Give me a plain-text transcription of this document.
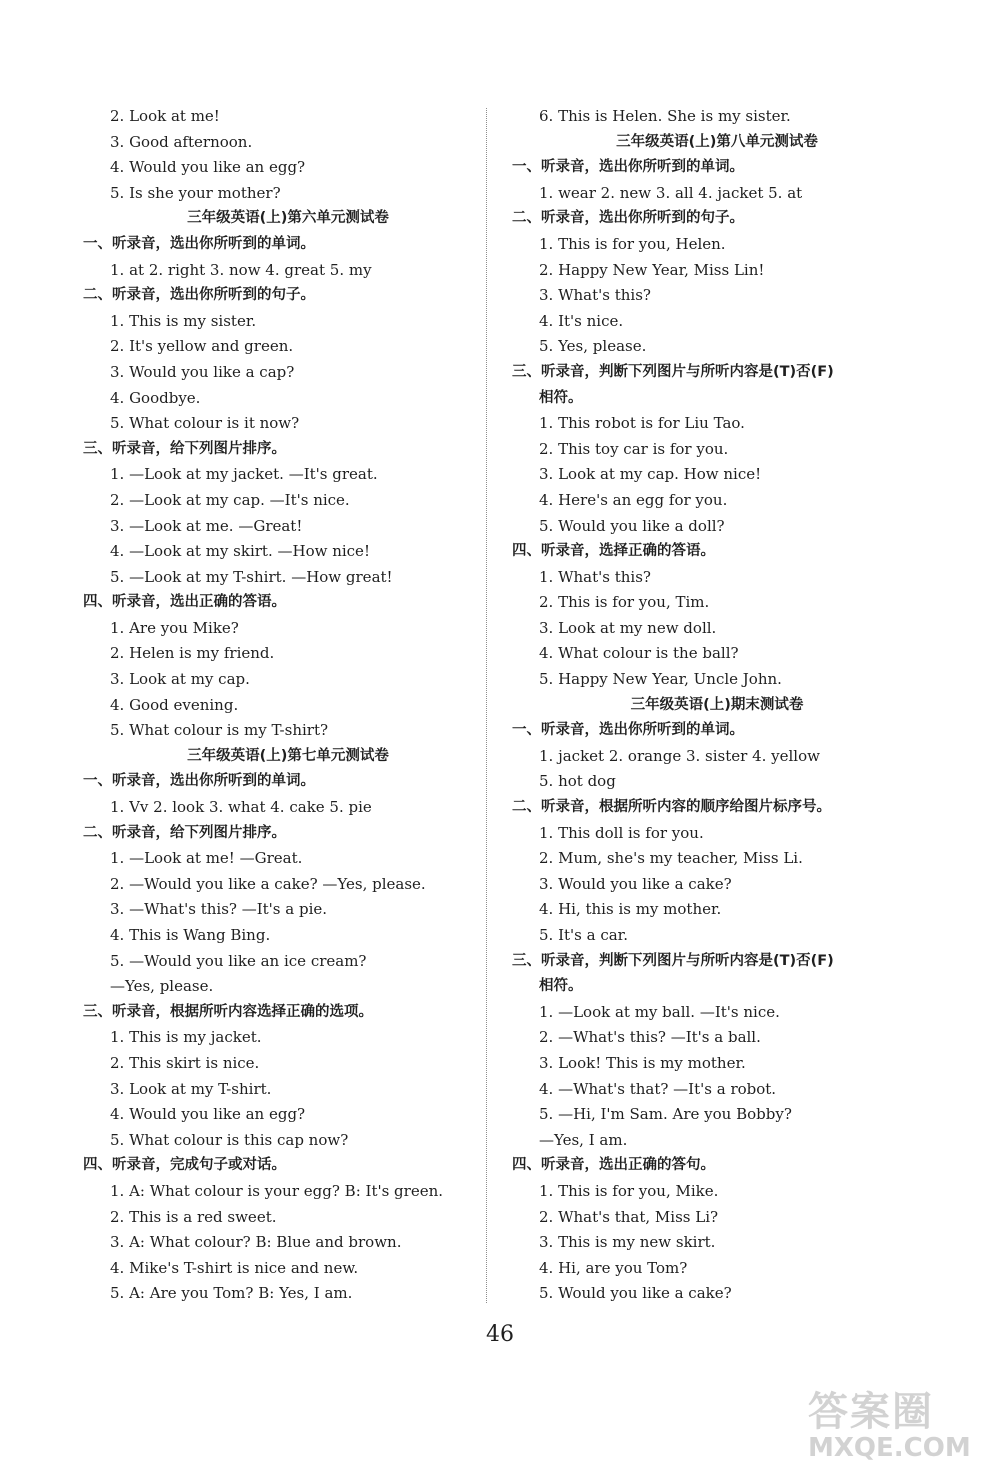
2. Look at me!
3. Good afternoon.
4. Would you like an egg?
5. Is she your mother?
三年级英语(上)第六单元测试卷
一、听录音，选出你所听到的单词。
1. at 2. right 3. now 4. great 5. my
二、听录音，选出你所听到的句子。
1. This is my sister.
2. It's yellow and green.
3. Would you like a cap?
4. Goodbye.
5. What colour is it now?
三、听录音，给下列图片排序。
1. —Look at my jacket. —It's great.
2. —Look at my cap. —It's nice.
3. —Look at me. —Great!
4. —Look at my skirt. —How nice!
5. —Look at my T-shirt. —How great!
四、听录音，选出正确的答语。
1. Are you Mike?
2. Helen is my friend.
3. Look at my cap.
4. Good evening.
5. What colour is my T-shirt?
三年级英语(上)第七单元测试卷
一、听录音，选出你所听到的单词。
1. Vv 2. look 3. what 4. cake 5. pie
二、听录音，给下列图片排序。
1. —Look at me! —Great.
2. —Would you like a cake? —Yes, please.
3. —What's this? —It's a pie.
4. This is Wang Bing.
5. —Would you like an ice cream?
—Yes, please.
三、听录音，根据所听内容选择正确的选项。
1. This is my jacket.
2. This skirt is nice.
3. Look at my T-shirt.
4. Would you like an egg?
5. What colour is this cap now?
四、听录音，完成句子或对话。
1. A: What colour is your egg? B: It's green.
2. This is a red sweet.
3. A: What colour? B: Blue and brown.
4. Mike's T-shirt is nice and new.
5. A: Are you Tom? B: Yes, I am.
6. This is Helen. She is my sister.
三年级英语(上)第八单元测试卷
一、听录音，选出你所听到的单词。
1. wear 2. new 3. all 4. jacket 5. at
二、听录音，选出你所听到的句子。
1. This is for you, Helen.
2. Happy New Year, Miss Lin!
3. What's this?
4. It's nice.
5. Yes, please.
三、听录音，判断下列图片与所听内容是(T)否(F)
相符。
1. This robot is for Liu Tao.
2. This toy car is for you.
3. Look at my cap. How nice!
4. Here's an egg for you.
5. Would you like a doll?
四、听录音，选择正确的答语。
1. What's this?
2. This is for you, Tim.
3. Look at my new doll.
4. What colour is the ball?
5. Happy New Year, Uncle John.
三年级英语(上)期末测试卷
一、听录音，选出你所听到的单词。
1. jacket 2. orange 3. sister 4. yellow
5. hot dog
二、听录音，根据所听内容的顺序给图片标序号。
1. This doll is for you.
2. Mum, she's my teacher, Miss Li.
3. Would you like a cake?
4. Hi, this is my mother.
5. It's a car.
三、听录音，判断下列图片与所听内容是(T)否(F)
相符。
1. —Look at my ball. —It's nice.
2. —What's this? —It's a ball.
3. Look! This is my mother.
4. —What's that? —It's a robot.
5. —Hi, I'm Sam. Are you Bobby?
—Yes, I am.
四、听录音，选出正确的答句。
1. This is for you, Mike.
2. What's that, Miss Li?
3. This is my new skirt.
4. Hi, are you Tom?
5. Would you like a cake?
46
答案圈
MXQE.COM
